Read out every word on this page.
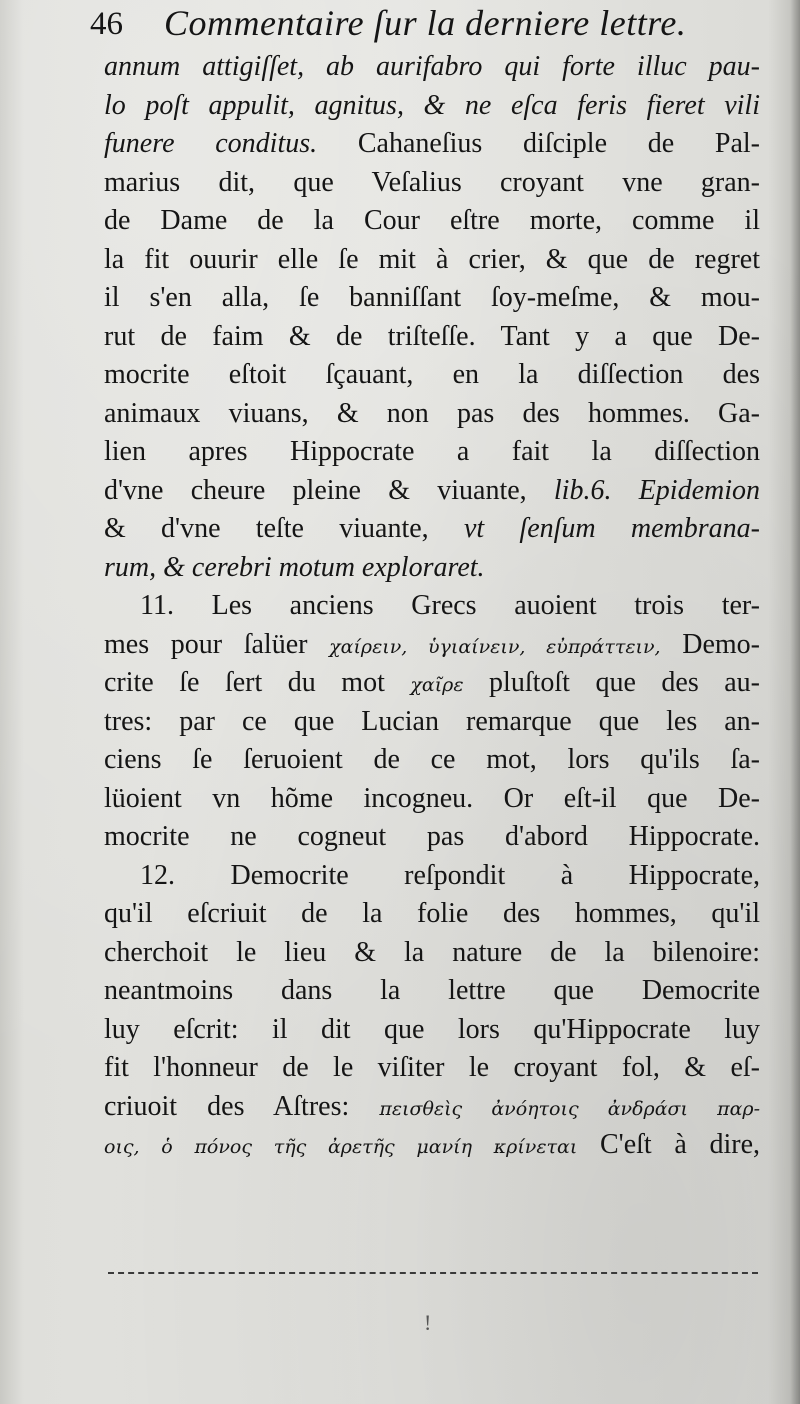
46 Commentaire ſur la derniere lettre.
annum attigiſſet, ab aurifabro qui forte illuc pau-
lo poſt appulit, agnitus, & ne eſca feris fieret vili
funere conditus. Cahaneſius diſciple de Pal-
marius dit, que Veſalius croyant vne gran-
de Dame de la Cour eſtre morte, comme il
la fit ouurir elle ſe mit à crier, & que de regret
il s'en alla, ſe banniſſant ſoy-meſme, & mou-
rut de faim & de triſteſſe. Tant y a que De-
mocrite eſtoit ſçauant, en la diſſection des
animaux viuans, & non pas des hommes. Ga-
lien apres Hippocrate a fait la diſſection
d'vne cheure pleine & viuante, lib.6. Epidemion
& d'vne teſte viuante, vt ſenſum membrana-
rum, & cerebri motum exploraret.
11. Les anciens Grecs auoient trois ter-
mes pour ſalüer χαίρειν, ὑγιαίνειν, εὐπράττειν, Demo-
crite ſe ſert du mot χαῖρε pluſtoſt que des au-
tres: par ce que Lucian remarque que les an-
ciens ſe ſeruoient de ce mot, lors qu'ils ſa-
lüoient vn hõme incogneu. Or eſt-il que De-
mocrite ne cogneut pas d'abord Hippocrate.
12. Democrite reſpondit à Hippocrate,
qu'il eſcriuit de la folie des hommes, qu'il
cherchoit le lieu & la nature de la bilenoire:
neantmoins dans la lettre que Democrite
luy eſcrit: il dit que lors qu'Hippocrate luy
fit l'honneur de le viſiter le croyant fol, & eſ-
criuoit des Aſtres: πεισθεὶς ἀνόητοις ἀνδράσι παρ-
οις, ὁ πόνος τῆς ἀρετῆς μανίη κρίνεται C'eſt à dire,
!
